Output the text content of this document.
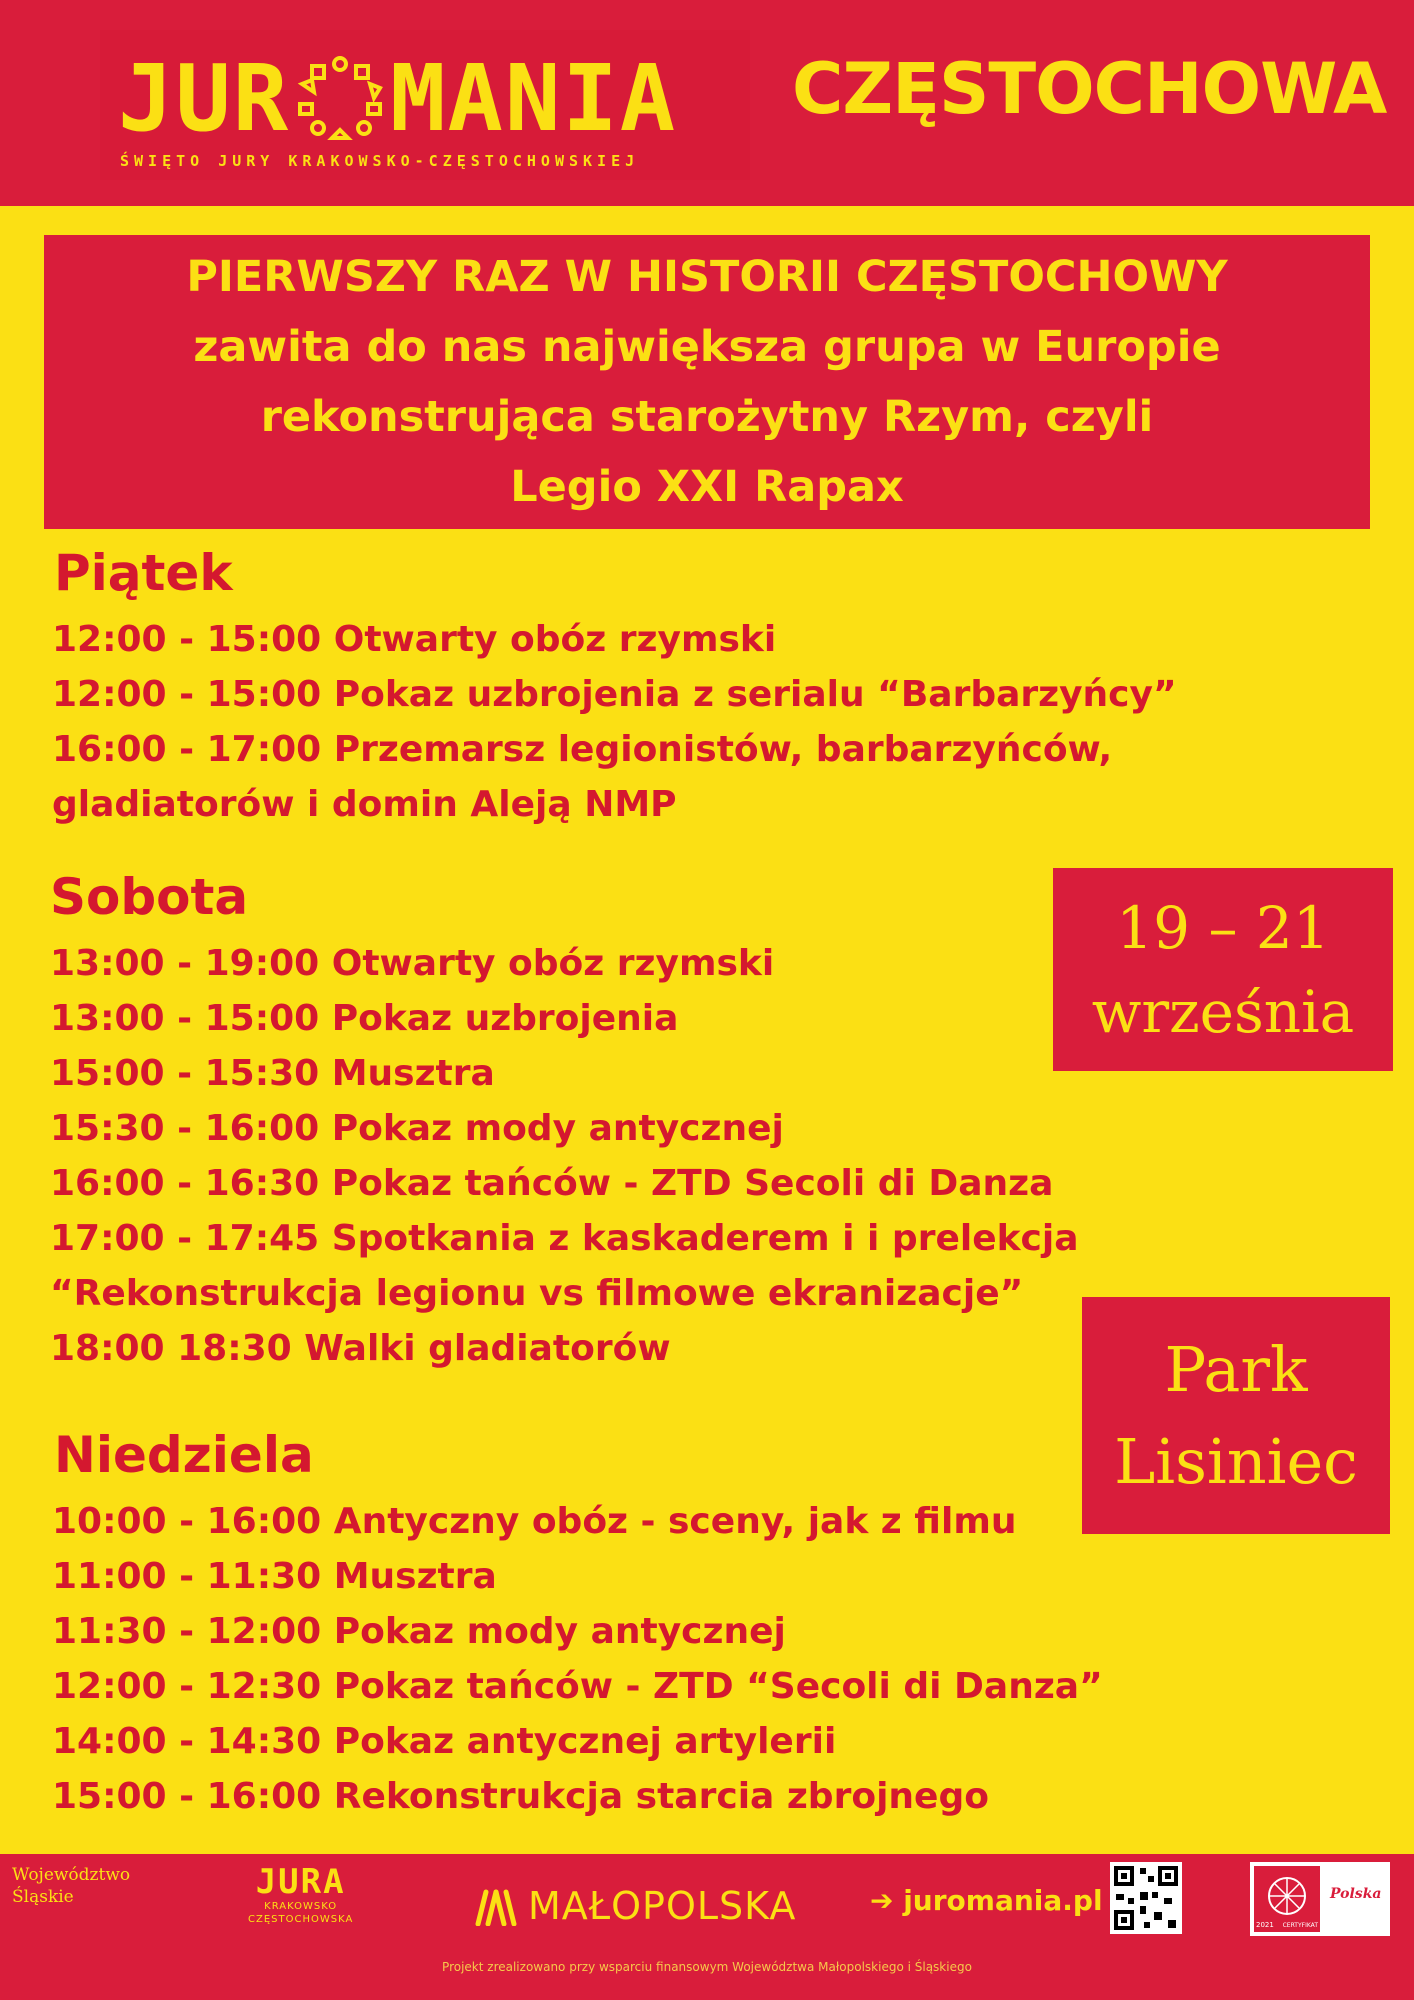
JUR MANIA
ŚWIĘTO JURY KRAKOWSKO-CZĘSTOCHOWSKIEJ
CZĘSTOCHOWA
PIERWSZY RAZ W HISTORII CZĘSTOCHOWY
zawita do nas największa grupa w Europie
rekonstrująca starożytny Rzym, czyli
Legio XXI Rapax
Piątek
12:00 - 15:00 Otwarty obóz rzymski
12:00 - 15:00 Pokaz uzbrojenia z serialu “Barbarzyńcy”
16:00 - 17:00 Przemarsz legionistów, barbarzyńców,
gladiatorów i domin Aleją NMP
Sobota
13:00 - 19:00 Otwarty obóz rzymski
13:00 - 15:00 Pokaz uzbrojenia
15:00 - 15:30 Musztra
15:30 - 16:00 Pokaz mody antycznej
16:00 - 16:30 Pokaz tańców - ZTD Secoli di Danza
17:00 - 17:45 Spotkania z kaskaderem i i prelekcja
“Rekonstrukcja legionu vs filmowe ekranizacje”
18:00 18:30 Walki gladiatorów
Niedziela
10:00 - 16:00 Antyczny obóz - sceny, jak z filmu
11:00 - 11:30 Musztra
11:30 - 12:00 Pokaz mody antycznej
12:00 - 12:30 Pokaz tańców - ZTD “Secoli di Danza”
14:00 - 14:30 Pokaz antycznej artylerii
15:00 - 16:00 Rekonstrukcja starcia zbrojnego
19 – 21
września
Park
Lisiniec
Województwo
Śląskie	JURA
KRAKOWSKO
CZĘSTOCHOWSKA	MAŁOPOLSKA	➔ juromania.pl
2021 CERTYFIKAT
Polska
Projekt zrealizowano przy wsparciu finansowym Województwa Małopolskiego i Śląskiego
